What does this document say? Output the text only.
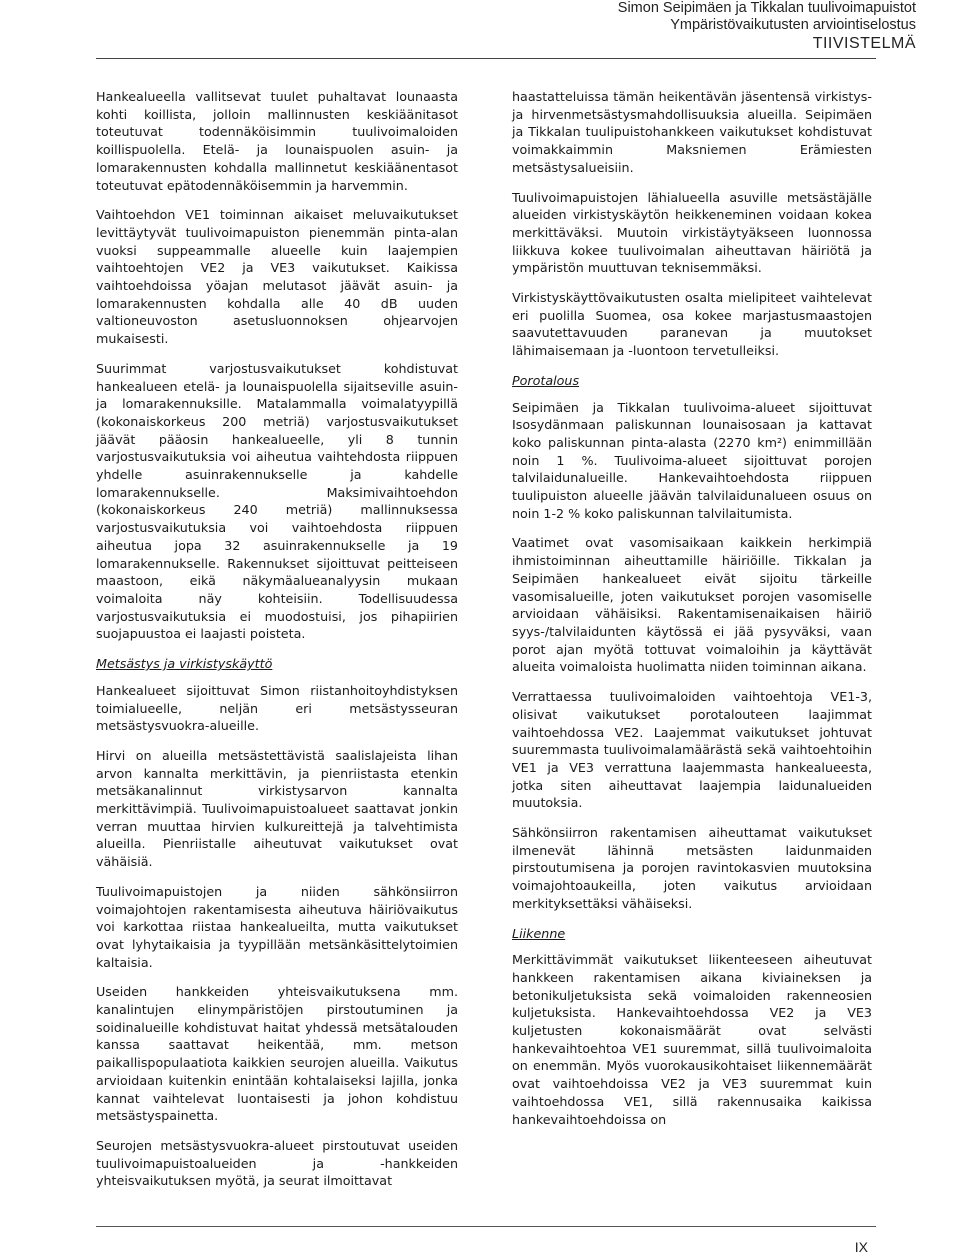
Simon Seipimäen ja Tikkalan tuulivoimapuistot
Ympäristövaikutusten arviointiselostus
TIIVISTELMÄ

Hankealueella vallitsevat tuulet puhaltavat lounaasta kohti koillista, jolloin mallinnusten keskiäänitasot toteutuvat todennäköisimmin tuulivoimaloiden koillispuolella. Etelä- ja lounaispuolen asuin- ja lomarakennusten kohdalla mallinnetut keskiäänentasot toteutuvat epätodennäköisemmin ja harvemmin.

Vaihtoehdon VE1 toiminnan aikaiset meluvaikutukset levittäytyvät tuulivoimapuiston pienemmän pinta-alan vuoksi suppeammalle alueelle kuin laajempien vaihtoehtojen VE2 ja VE3 vaikutukset. Kaikissa vaihtoehdoissa yöajan melutasot jäävät asuin- ja lomarakennusten kohdalla alle 40 dB uuden valtioneuvoston asetusluonnoksen ohjearvojen mukaisesti.

Suurimmat varjostusvaikutukset kohdistuvat hankealueen etelä- ja lounaispuolella sijaitseville asuin- ja lomarakennuksille. Matalammalla voimalatyypillä (kokonaiskorkeus 200 metriä) varjostusvaikutukset jäävät pääosin hankealueelle, yli 8 tunnin varjostusvaikutuksia voi aiheutua vaihtehdosta riippuen yhdelle asuinrakennukselle ja kahdelle lomarakennukselle. Maksimivaihtoehdon (kokonaiskorkeus 240 metriä) mallinnuksessa varjostusvaikutuksia voi vaihtoehdosta riippuen aiheutua jopa 32 asuinrakennukselle ja 19 lomarakennukselle. Rakennukset sijoittuvat peitteiseen maastoon, eikä näkymäalueanalyysin mukaan voimaloita näy kohteisiin. Todellisuudessa varjostusvaikutuksia ei muodostuisi, jos pihapiirien suojapuustoa ei laajasti poisteta.

Metsästys ja virkistyskäyttö

Hankealueet sijoittuvat Simon riistanhoitoyhdistyksen toimialueelle, neljän eri metsästysseuran metsästysvuokra-alueille.

Hirvi on alueilla metsästettävistä saalislajeista lihan arvon kannalta merkittävin, ja pienriistasta etenkin metsäkanalinnut virkistysarvon kannalta merkittävimpiä. Tuulivoimapuistoalueet saattavat jonkin verran muuttaa hirvien kulkureittejä ja talvehtimista alueilla. Pienriistalle aiheutuvat vaikutukset ovat vähäisiä.

Tuulivoimapuistojen ja niiden sähkönsiirron voimajohtojen rakentamisesta aiheutuva häiriövaikutus voi karkottaa riistaa hankealueilta, mutta vaikutukset ovat lyhytaikaisia ja tyypillään metsänkäsittelytoimien kaltaisia.

Useiden hankkeiden yhteisvaikutuksena mm. kanalintujen elinympäristöjen pirstoutuminen ja soidinalueille kohdistuvat haitat yhdessä metsätalouden kanssa saattavat heikentää, mm. metson paikallispopulaatiota kaikkien seurojen alueilla. Vaikutus arvioidaan kuitenkin enintään kohtalaiseksi lajilla, jonka kannat vaihtelevat luontaisesti ja johon kohdistuu metsästyspainetta.

Seurojen metsästysvuokra-alueet pirstoutuvat useiden tuulivoimapuistoalueiden ja -hankkeiden yhteisvaikutuksen myötä, ja seurat ilmoittavat

haastatteluissa tämän heikentävän jäsentensä virkistys- ja hirvenmetsästysmahdollisuuksia alueilla. Seipimäen ja Tikkalan tuulipuistohankkeen vaikutukset kohdistuvat voimakkaimmin Maksniemen Erämiesten metsästysalueisiin.

Tuulivoimapuistojen lähialueella asuville metsästäjälle alueiden virkistyskäytön heikkeneminen voidaan kokea merkittäväksi. Muutoin virkistäytyäkseen luonnossa liikkuva kokee tuulivoimalan aiheuttavan häiriötä ja ympäristön muuttuvan teknisemmäksi.

Virkistyskäyttövaikutusten osalta mielipiteet vaihtelevat eri puolilla Suomea, osa kokee marjastusmaastojen saavutettavuuden paranevan ja muutokset lähimaisemaan ja -luontoon tervetulleiksi.

Porotalous

Seipimäen ja Tikkalan tuulivoima-alueet sijoittuvat Isosydänmaan paliskunnan lounaisosaan ja kattavat koko paliskunnan pinta-alasta (2270 km²) enimmillään noin 1 %. Tuulivoima-alueet sijoittuvat porojen talvilaidunalueille. Hankevaihtoehdosta riippuen tuulipuiston alueelle jäävän talvilaidunalueen osuus on noin 1-2 % koko paliskunnan talvilaitumista.

Vaatimet ovat vasomisaikaan kaikkein herkimpiä ihmistoiminnan aiheuttamille häiriöille. Tikkalan ja Seipimäen hankealueet eivät sijoitu tärkeille vasomisalueille, joten vaikutukset porojen vasomiselle arvioidaan vähäisiksi. Rakentamisenaikaisen häiriö syys-/talvilaidunten käytössä ei jää pysyväksi, vaan porot ajan myötä tottuvat voimaloihin ja käyttävät alueita voimaloista huolimatta niiden toiminnan aikana.

Verrattaessa tuulivoimaloiden vaihtoehtoja VE1-3, olisivat vaikutukset porotalouteen laajimmat vaihtoehdossa VE2. Laajemmat vaikutukset johtuvat suuremmasta tuulivoimalamäärästä sekä vaihtoehtoihin VE1 ja VE3 verrattuna laajemmasta hankealueesta, jotka siten aiheuttavat laajempia laidunalueiden muutoksia.

Sähkönsiirron rakentamisen aiheuttamat vaikutukset ilmenevät lähinnä metsästen laidunmaiden pirstoutumisena ja porojen ravintokasvien muutoksina voimajohtoaukeilla, joten vaikutus arvioidaan merkityksettäksi vähäiseksi.

Liikenne

Merkittävimmät vaikutukset liikenteeseen aiheutuvat hankkeen rakentamisen aikana kiviaineksen ja betonikuljetuksista sekä voimaloiden rakenneosien kuljetuksista. Hankevaihtoehdossa VE2 ja VE3 kuljetusten kokonaismäärät ovat selvästi hankevaihtoehtoa VE1 suuremmat, sillä tuulivoimaloita on enemmän. Myös vuorokausikohtaiset liikennemäärät ovat vaihtoehdoissa VE2 ja VE3 suuremmat kuin vaihtoehdossa VE1, sillä rakennusaika kaikissa hankevaihtoehdoissa on

IX
